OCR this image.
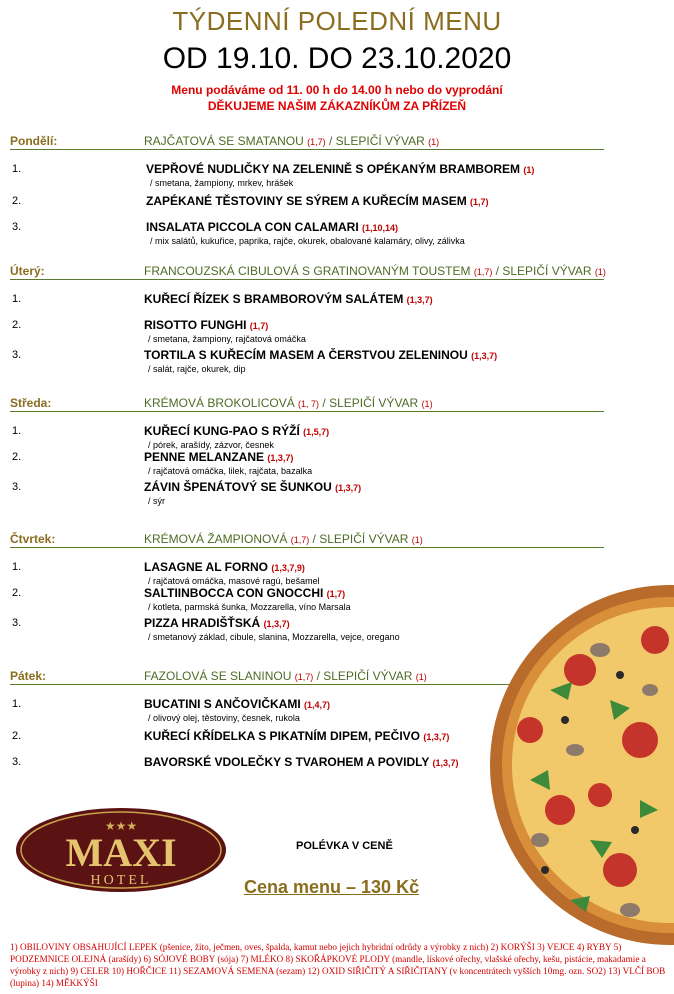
TÝDENNÍ POLEDNÍ MENU
OD 19.10. DO 23.10.2020
Menu podáváme od 11. 00 h do 14.00 h nebo do vyprodání
DĚKUJEME NAŠIM ZÁKAZNÍKŮM ZA PŘÍZEŇ
Pondělí:	RAJČATOVÁ SE SMATANOU (1,7) / SLEPIČÍ VÝVAR (1)
1.	VEPŘOVÉ NUDLIČKY NA ZELENINĚ S OPÉKANÝM BRAMBOREM (1)
/ smetana, žampiony, mrkev, hrášek
2.	ZAPÉKANÉ TĚSTOVINY SE SÝREM A KUŘECÍM MASEM (1,7)
3.	INSALATA PICCOLA CON CALAMARI (1,10,14)
/ mix salátů, kukuřice, paprika, rajče, okurek, obalované kalamáry, olivy, zálivka
Úterý:	FRANCOUZSKÁ CIBULOVÁ S GRATINOVANÝM TOUSTEM (1,7) / SLEPIČÍ VÝVAR (1)
1.	KUŘECÍ ŘÍZEK S BRAMBOROVÝM SALÁTEM (1,3,7)
2.	RISOTTO FUNGHI (1,7)
/ smetana, žampiony, rajčatová omáčka
3.	TORTILA S KUŘECÍM MASEM A ČERSTVOU ZELENINOU (1,3,7)
/ salát, rajče, okurek, dip
Středa:	KRÉMOVÁ BROKOLICOVÁ (1, 7) / SLEPIČÍ VÝVAR (1)
1.	KUŘECÍ KUNG-PAO S RÝŽÍ (1,5,7)
/ pórek, arašídy, zázvor, česnek
2.	PENNE MELANZANE (1,3,7)
/ rajčatová omáčka, lilek, rajčata, bazalka
3.	ZÁVIN ŠPENÁTOVÝ SE ŠUNKOU (1,3,7)
/ sýr
Čtvrtek:	KRÉMOVÁ ŽAMPIONOVÁ (1,7) / SLEPIČÍ VÝVAR (1)
1.	LASAGNE AL FORNO (1,3,7,9)
/ rajčatová omáčka, masové ragú, bešamel
2.	SALTIINBOCCA CON GNOCCHI (1,7)
/ kotleta, parmská šunka, Mozzarella, víno Marsala
3.	PIZZA HRADIŠŤSKÁ (1,3,7)
/ smetanový základ, cibule, slanina, Mozzarella, vejce, oregano
Pátek:	FAZOLOVÁ SE SLANINOU (1,7) / SLEPIČÍ VÝVAR (1)
1.	BUCATINI S ANČOVIČKAMI (1,4,7)
/ olivový olej, těstoviny, česnek, rukola
2.	KUŘECÍ KŘÍDELKA S PIKATNÍM DIPEM, PEČIVO (1,3,7)
3.	BAVORSKÉ VDOLEČKY S TVAROHEM A POVIDLY (1,3,7)
★★★
MAXI
HOTEL
POLÉVKA V CENĚ
Cena menu – 130 Kč
1) OBILOVINY OBSAHUJÍCÍ LEPEK (pšenice, žito, ječmen, oves, špalda, kamut nebo jejich hybridní odrůdy a výrobky z nich) 2) KORÝŠI 3) VEJCE 4) RYBY 5) PODZEMNICE OLEJNÁ (arašídy) 6) SÓJOVÉ BOBY (sója) 7) MLÉKO 8) SKOŘÁPKOVÉ PLODY (mandle, lískové ořechy, vlašské ořechy, kešu, pistácie, makadamie a výrobky z nich) 9) CELER 10) HOŘČICE 11) SEZAMOVÁ SEMENA (sezam) 12) OXID SIŘIČITÝ A SIŘIČITANY (v koncentrátech vyšších 10mg. ozn. SO2) 13) VLČÍ BOB (lupina) 14) MĚKKÝŠI
